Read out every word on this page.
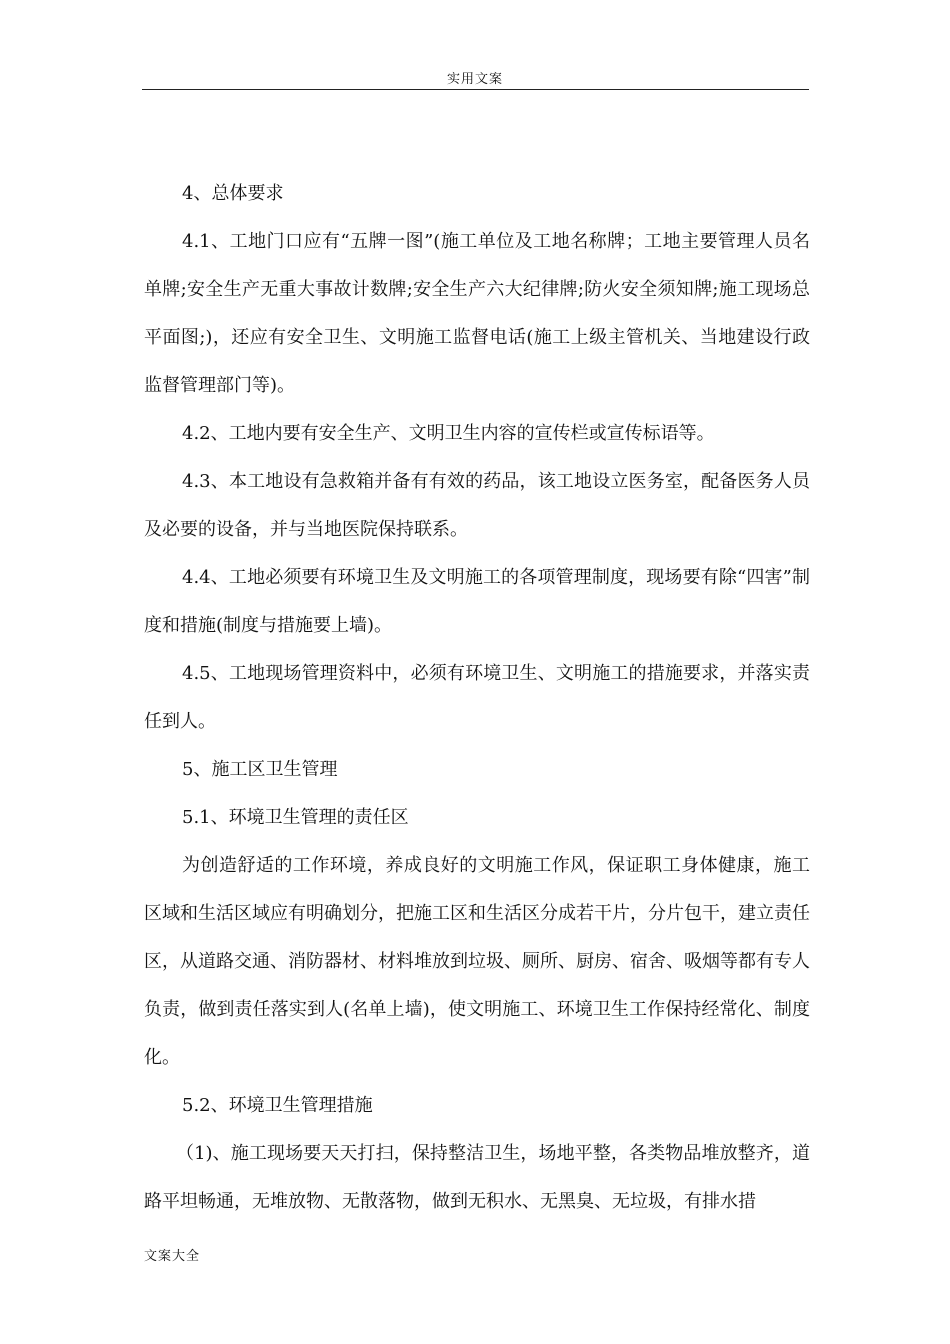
实用文案

4、总体要求

4.1、工地门口应有“五牌一图”(施工单位及工地名称牌；工地主要管理人员名单牌;安全生产无重大事故计数牌;安全生产六大纪律牌;防火安全须知牌;施工现场总平面图;)，还应有安全卫生、文明施工监督电话(施工上级主管机关、当地建设行政监督管理部门等)。

4.2、工地内要有安全生产、文明卫生内容的宣传栏或宣传标语等。

4.3、本工地设有急救箱并备有有效的药品，该工地设立医务室，配备医务人员及必要的设备，并与当地医院保持联系。

4.4、工地必须要有环境卫生及文明施工的各项管理制度，现场要有除“四害”制度和措施(制度与措施要上墙)。

4.5、工地现场管理资料中，必须有环境卫生、文明施工的措施要求，并落实责任到人。

5、施工区卫生管理

5.1、环境卫生管理的责任区

为创造舒适的工作环境，养成良好的文明施工作风，保证职工身体健康，施工区域和生活区域应有明确划分，把施工区和生活区分成若干片，分片包干，建立责任区，从道路交通、消防器材、材料堆放到垃圾、厕所、厨房、宿舍、吸烟等都有专人负责，做到责任落实到人(名单上墙)，使文明施工、环境卫生工作保持经常化、制度化。

5.2、环境卫生管理措施

（1)、施工现场要天天打扫，保持整洁卫生，场地平整，各类物品堆放整齐，道路平坦畅通，无堆放物、无散落物，做到无积水、无黑臭、无垃圾，有排水措

文案大全
